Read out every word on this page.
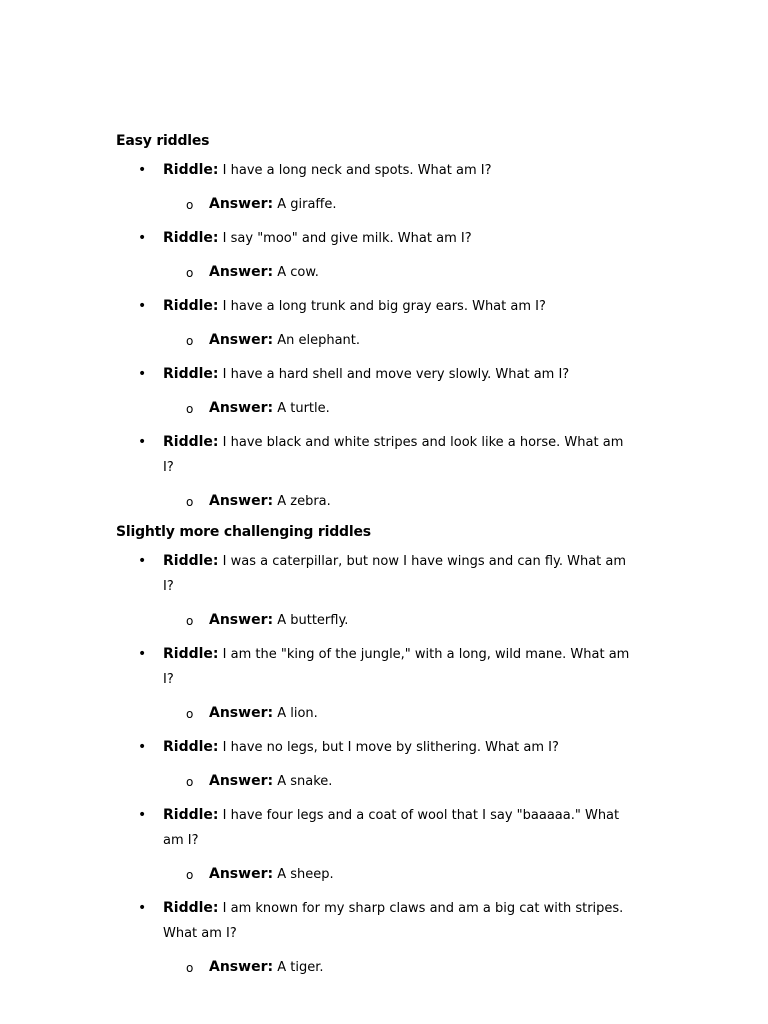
Easy riddles
• Riddle: I have a long neck and spots. What am I?
o Answer: A giraffe.
• Riddle: I say "moo" and give milk. What am I?
o Answer: A cow.
• Riddle: I have a long trunk and big gray ears. What am I?
o Answer: An elephant.
• Riddle: I have a hard shell and move very slowly. What am I?
o Answer: A turtle.
• Riddle: I have black and white stripes and look like a horse. What am I?
o Answer: A zebra.
Slightly more challenging riddles
• Riddle: I was a caterpillar, but now I have wings and can fly. What am I?
o Answer: A butterfly.
• Riddle: I am the "king of the jungle," with a long, wild mane. What am I?
o Answer: A lion.
• Riddle: I have no legs, but I move by slithering. What am I?
o Answer: A snake.
• Riddle: I have four legs and a coat of wool that I say "baaaaa." What am I?
o Answer: A sheep.
• Riddle: I am known for my sharp claws and am a big cat with stripes. What am I?
o Answer: A tiger.
